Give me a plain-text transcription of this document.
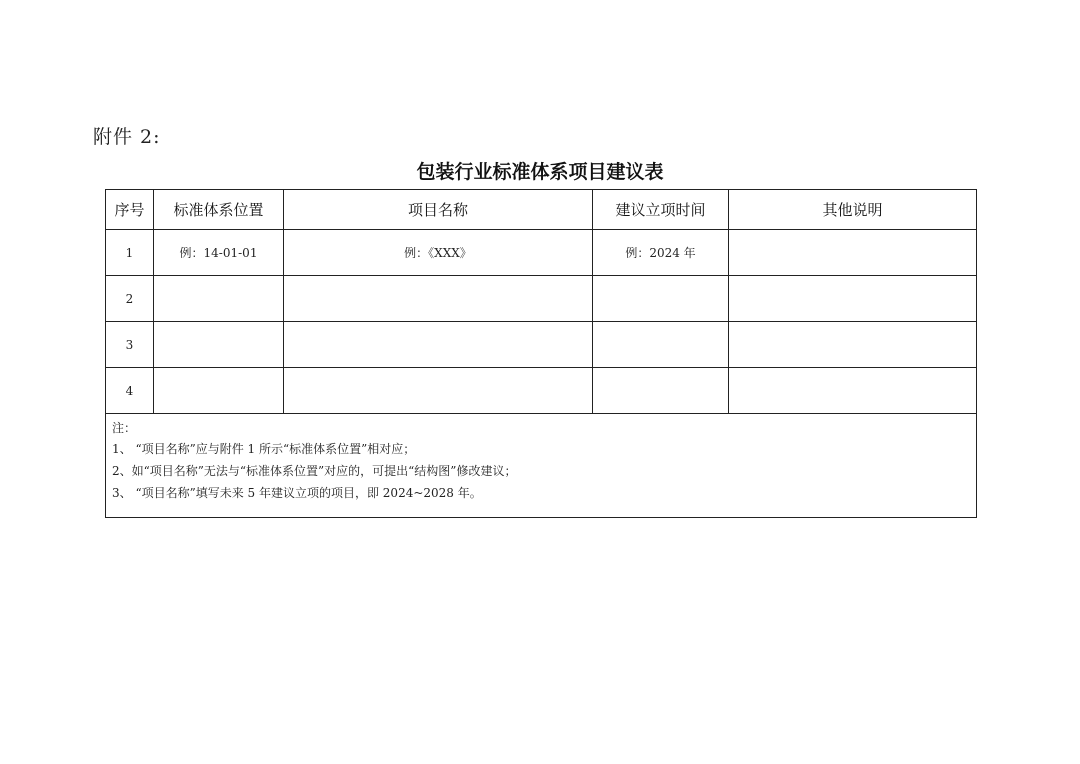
附件 2:
包装行业标准体系项目建议表
序号	标准体系位置	项目名称	建议立项时间	其他说明
1	例：14-01-01	例：《XXX》	例：2024 年	
2				
3				
4				

注：
1、 “项目名称”应与附件 1 所示“标准体系位置”相对应；
2、如“项目名称”无法与“标准体系位置”对应的，可提出“结构图”修改建议；
3、 “项目名称”填写未来 5 年建议立项的项目，即 2024~2028 年。				
